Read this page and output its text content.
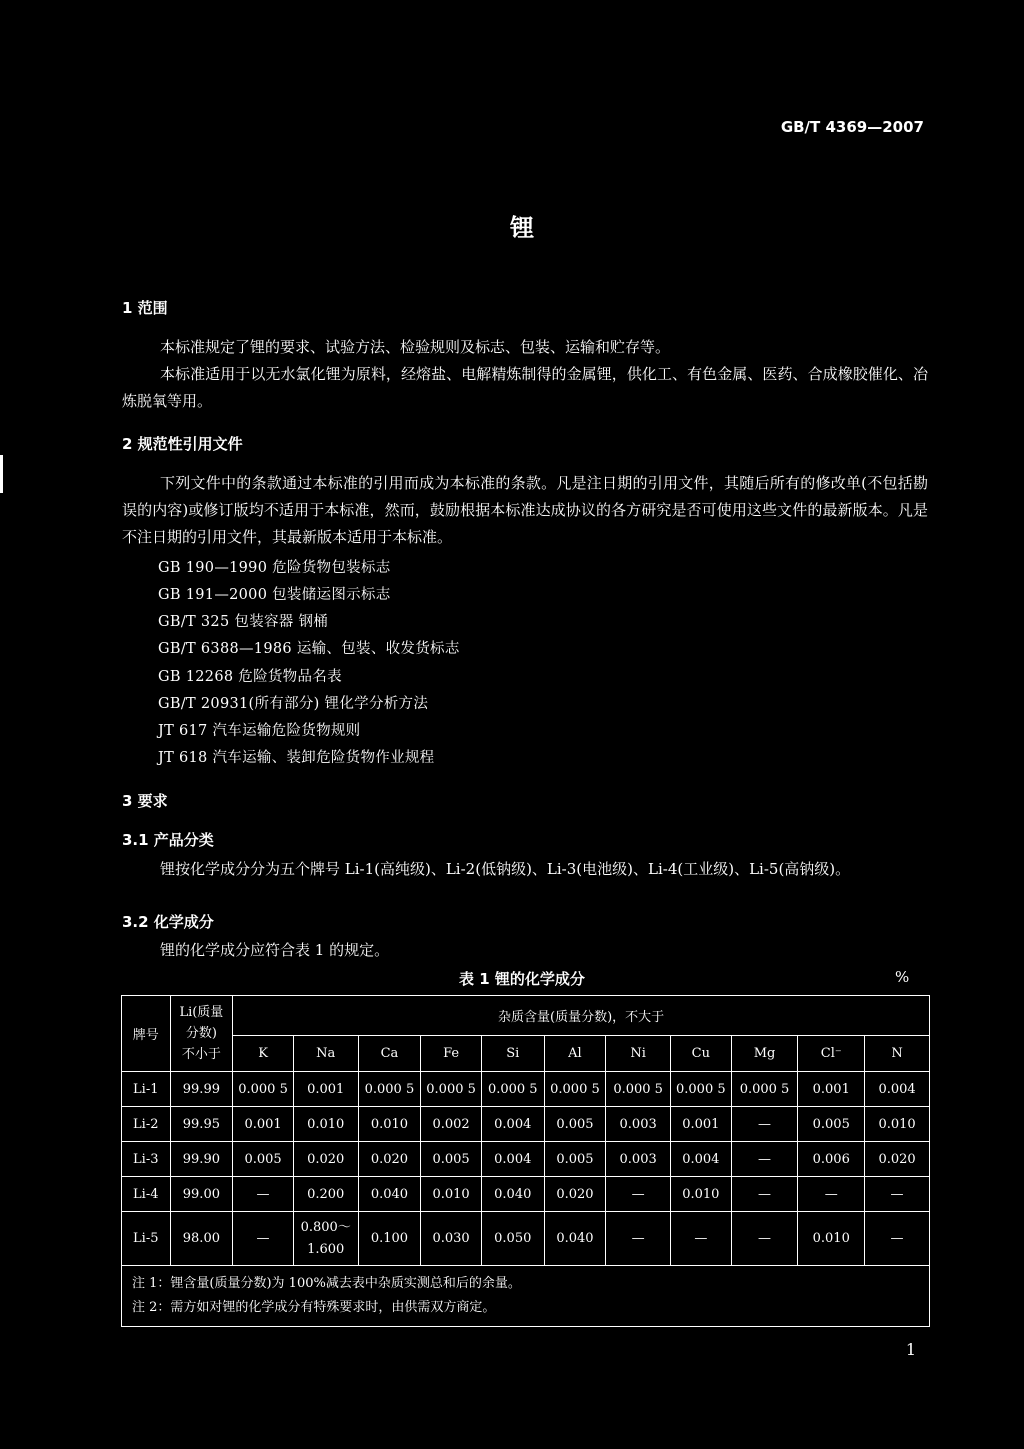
GB/T 4369—2007
锂
1 范围
本标准规定了锂的要求、试验方法、检验规则及标志、包装、运输和贮存等。
本标准适用于以无水氯化锂为原料，经熔盐、电解精炼制得的金属锂，供化工、有色金属、医药、合成橡胶催化、冶炼脱氧等用。
2 规范性引用文件
下列文件中的条款通过本标准的引用而成为本标准的条款。凡是注日期的引用文件，其随后所有的修改单(不包括勘误的内容)或修订版均不适用于本标准，然而，鼓励根据本标准达成协议的各方研究是否可使用这些文件的最新版本。凡是不注日期的引用文件，其最新版本适用于本标准。
GB 190—1990 危险货物包装标志
GB 191—2000 包装储运图示标志
GB/T 325 包装容器 钢桶
GB/T 6388—1986 运输、包装、收发货标志
GB 12268 危险货物品名表
GB/T 20931(所有部分) 锂化学分析方法
JT 617 汽车运输危险货物规则
JT 618 汽车运输、装卸危险货物作业规程
3 要求
3.1 产品分类
锂按化学成分分为五个牌号 Li-1(高纯级)、Li-2(低钠级)、Li-3(电池级)、Li-4(工业级)、Li-5(高钠级)。
3.2 化学成分
锂的化学成分应符合表 1 的规定。
表 1 锂的化学成分	%
牌号	Li(质量
分数)
不小于	杂质含量(质量分数)，不大于										
		K	Na	Ca	Fe	Si	Al	Ni	Cu	Mg	Cl⁻	N
Li-1	99.99	0.000 5	0.001	0.000 5	0.000 5	0.000 5	0.000 5	0.000 5	0.000 5	0.000 5	0.001	0.004
Li-2	99.95	0.001	0.010	0.010	0.002	0.004	0.005	0.003	0.001	—	0.005	0.010
Li-3	99.90	0.005	0.020	0.020	0.005	0.004	0.005	0.003	0.004	—	0.006	0.020
Li-4	99.00	—	0.200	0.040	0.010	0.040	0.020	—	0.010	—	—	—
Li-5	98.00	—	0.800～
1.600	0.100	0.030	0.050	0.040	—	—	—	0.010	—

注 1：锂含量(质量分数)为 100%减去表中杂质实测总和后的余量。
注 2：需方如对锂的化学成分有特殊要求时，由供需双方商定。												
1
